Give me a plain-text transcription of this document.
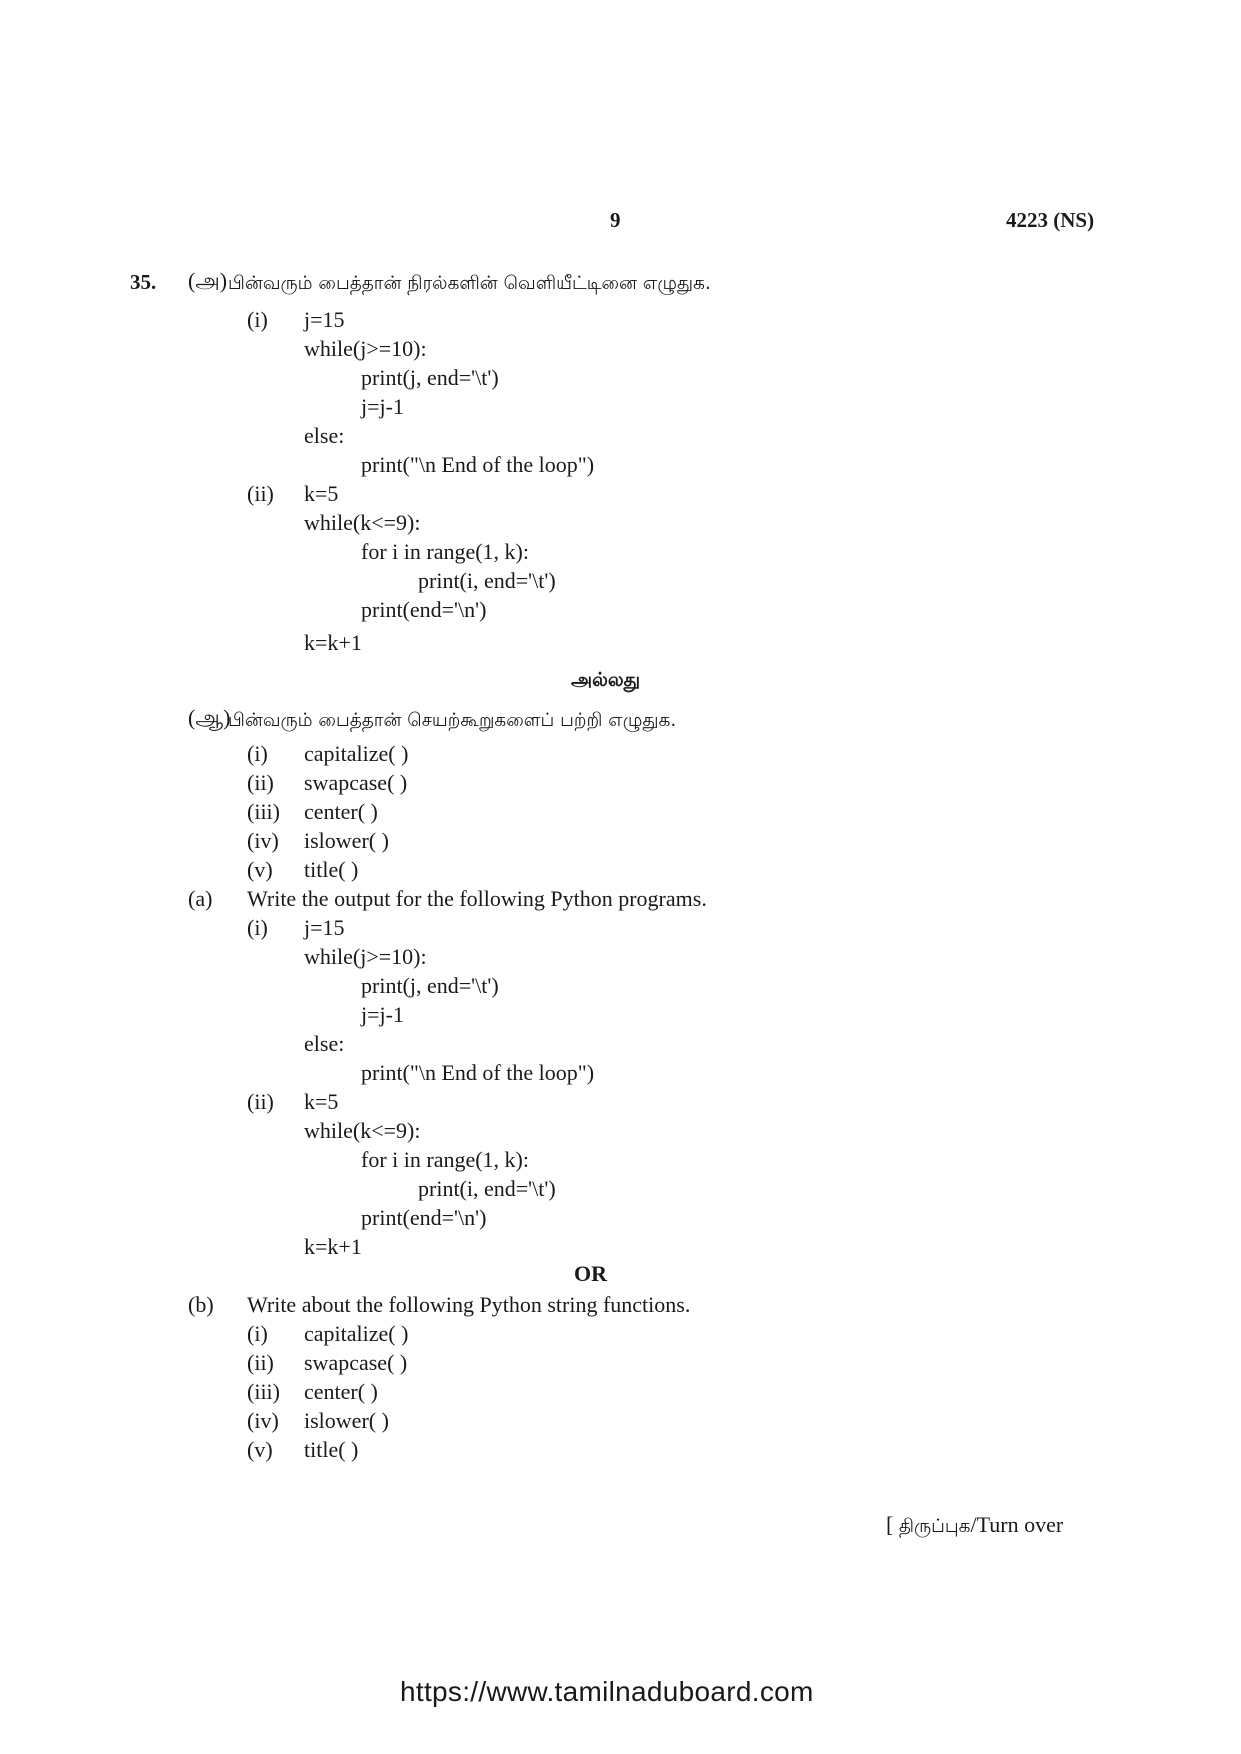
9	4223 (NS)
35. (அ) பின்வரும் பைத்தான் நிரல்களின் வெளியீட்டினை எழுதுக.
(i) j=15
while(j>=10):
print(j, end='\t')
j=j-1
else:
print("\n End of the loop")
(ii) k=5
while(k<=9):
for i in range(1, k):
print(i, end='\t')
print(end='\n')
k=k+1
அல்லது
(ஆ)
பின்வரும் பைத்தான் செயற்கூறுகளைப் பற்றி எழுதுக.
(i) capitalize( )
(ii) swapcase( )
(iii) center( )
(iv) islower( )
(v) title( )
(a) Write the output for the following Python programs.
(i) j=15
while(j>=10):
print(j, end='\t')
j=j-1
else:
print("\n End of the loop")
(ii) k=5
while(k<=9):
for i in range(1, k):
print(i, end='\t')
print(end='\n')
k=k+1
OR
(b) Write about the following Python string functions.
(i) capitalize( )
(ii) swapcase( )
(iii) center( )
(iv) islower( )
(v) title( )
[ திருப்புக/Turn over
https://www.tamilnaduboard.com
